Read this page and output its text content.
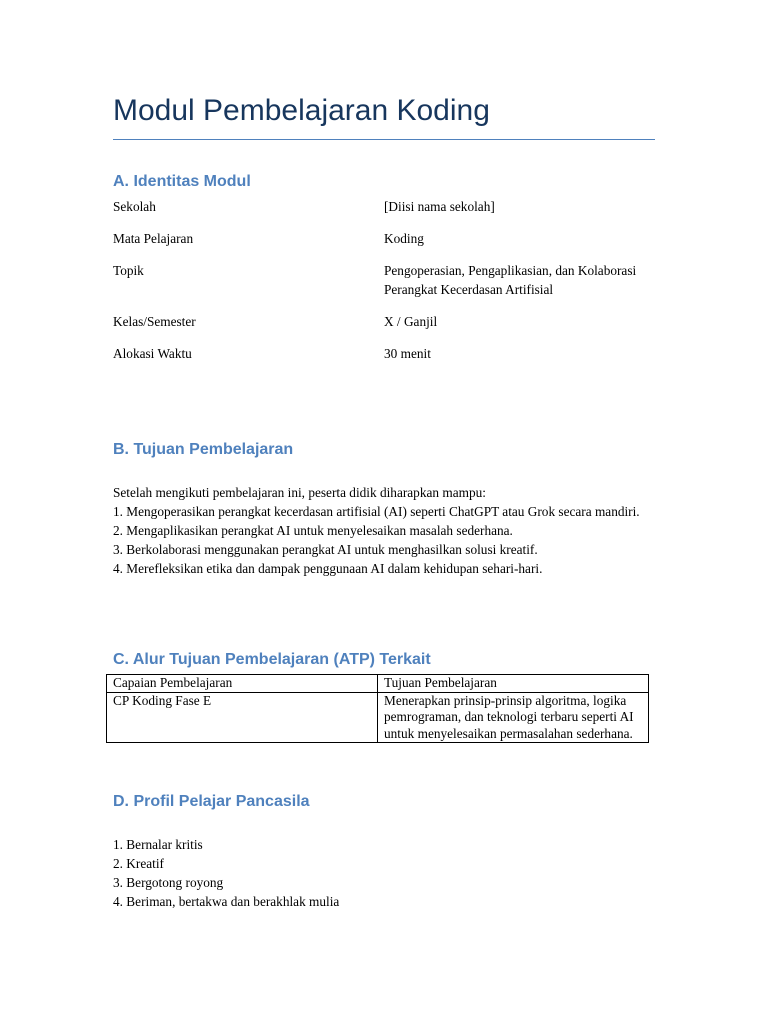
Modul Pembelajaran Koding
A. Identitas Modul
Sekolah	[Diisi nama sekolah]
Mata Pelajaran	Koding
Topik	Pengoperasian, Pengaplikasian, dan Kolaborasi Perangkat Kecerdasan Artifisial
Kelas/Semester	X / Ganjil
Alokasi Waktu	30 menit
B. Tujuan Pembelajaran
Setelah mengikuti pembelajaran ini, peserta didik diharapkan mampu:
1. Mengoperasikan perangkat kecerdasan artifisial (AI) seperti ChatGPT atau Grok secara mandiri.
2. Mengaplikasikan perangkat AI untuk menyelesaikan masalah sederhana.
3. Berkolaborasi menggunakan perangkat AI untuk menghasilkan solusi kreatif.
4. Merefleksikan etika dan dampak penggunaan AI dalam kehidupan sehari-hari.
C. Alur Tujuan Pembelajaran (ATP) Terkait
Capaian Pembelajaran	Tujuan Pembelajaran
CP Koding Fase E	Menerapkan prinsip-prinsip algoritma, logika pemrograman, dan teknologi terbaru seperti AI untuk menyelesaikan permasalahan sederhana.
D. Profil Pelajar Pancasila
1. Bernalar kritis
2. Kreatif
3. Bergotong royong
4. Beriman, bertakwa dan berakhlak mulia
